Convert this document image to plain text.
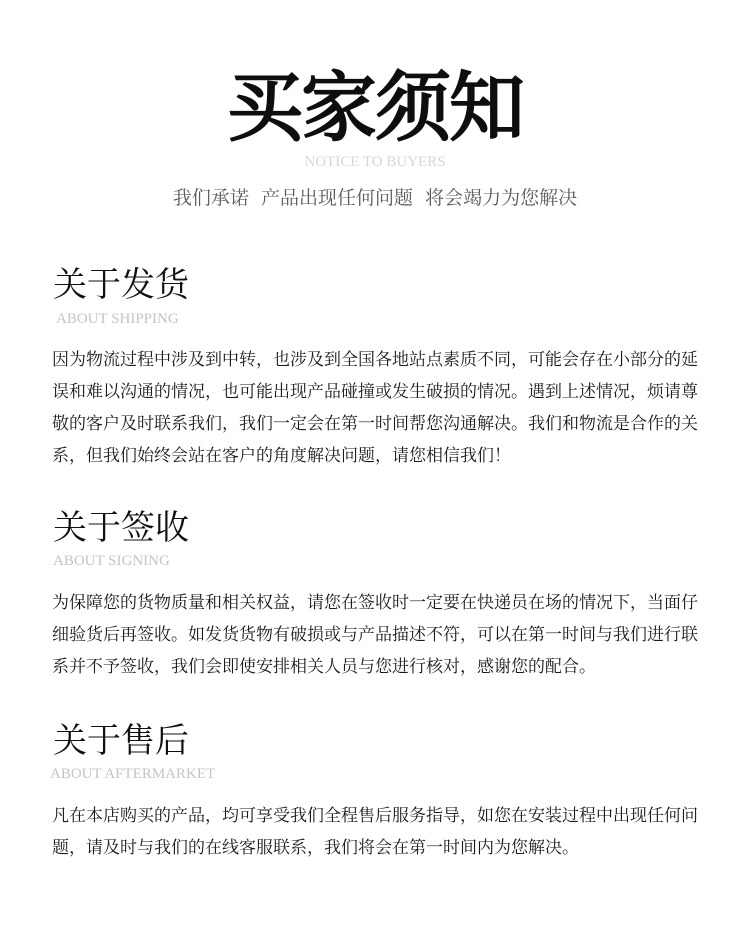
买家须知
NOTICE TO BUYERS
我们承诺  产品出现任何问题  将会竭力为您解决
关于发货
ABOUT SHIPPING

因为物流过程中涉及到中转，也涉及到全国各地站点素质不同，可能会存在小部分的延误和难以沟通的情况，也可能出现产品碰撞或发生破损的情况。遇到上述情况，烦请尊敬的客户及时联系我们，我们一定会在第一时间帮您沟通解决。我们和物流是合作的关系，但我们始终会站在客户的角度解决问题，请您相信我们！

关于签收
ABOUT SIGNING

为保障您的货物质量和相关权益，请您在签收时一定要在快递员在场的情况下，当面仔细验货后再签收。如发货货物有破损或与产品描述不符，可以在第一时间与我们进行联系并不予签收，我们会即使安排相关人员与您进行核对，感谢您的配合。

关于售后
ABOUT AFTERMARKET

凡在本店购买的产品，均可享受我们全程售后服务指导，如您在安装过程中出现任何问题，请及时与我们的在线客服联系，我们将会在第一时间内为您解决。
